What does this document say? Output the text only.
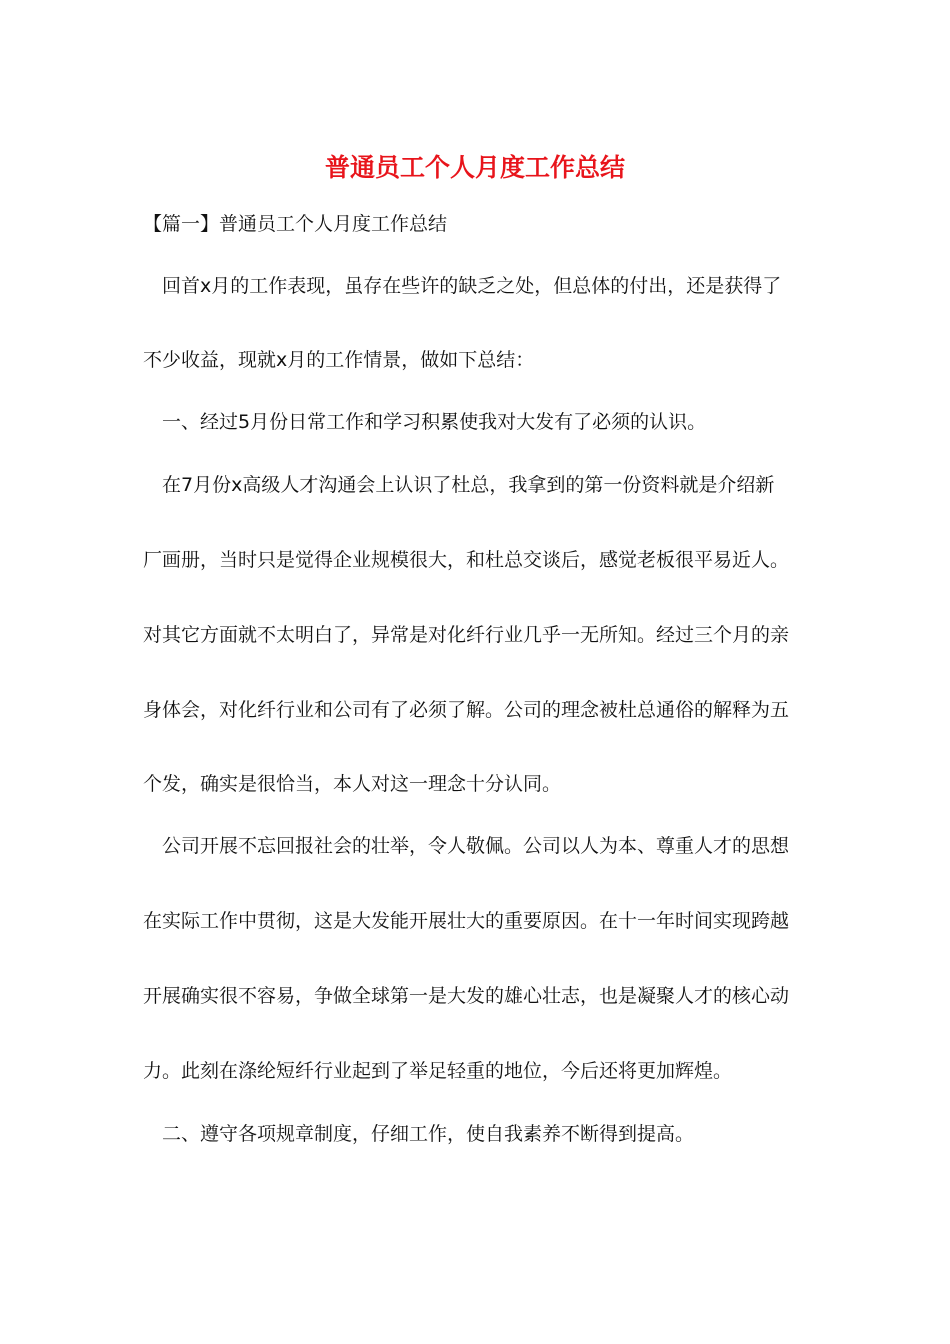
普通员工个人月度工作总结

【篇一】普通员工个人月度工作总结

回首x月的工作表现，虽存在些许的缺乏之处，但总体的付出，还是获得了

不少收益，现就x月的工作情景，做如下总结：

一、经过5月份日常工作和学习积累使我对大发有了必须的认识。

在7月份x高级人才沟通会上认识了杜总，我拿到的第一份资料就是介绍新

厂画册，当时只是觉得企业规模很大，和杜总交谈后，感觉老板很平易近人。

对其它方面就不太明白了，异常是对化纤行业几乎一无所知。经过三个月的亲

身体会，对化纤行业和公司有了必须了解。公司的理念被杜总通俗的解释为五

个发，确实是很恰当，本人对这一理念十分认同。

公司开展不忘回报社会的壮举，令人敬佩。公司以人为本、尊重人才的思想

在实际工作中贯彻，这是大发能开展壮大的重要原因。在十一年时间实现跨越

开展确实很不容易，争做全球第一是大发的雄心壮志，也是凝聚人才的核心动

力。此刻在涤纶短纤行业起到了举足轻重的地位，今后还将更加辉煌。

二、遵守各项规章制度，仔细工作，使自我素养不断得到提高。
